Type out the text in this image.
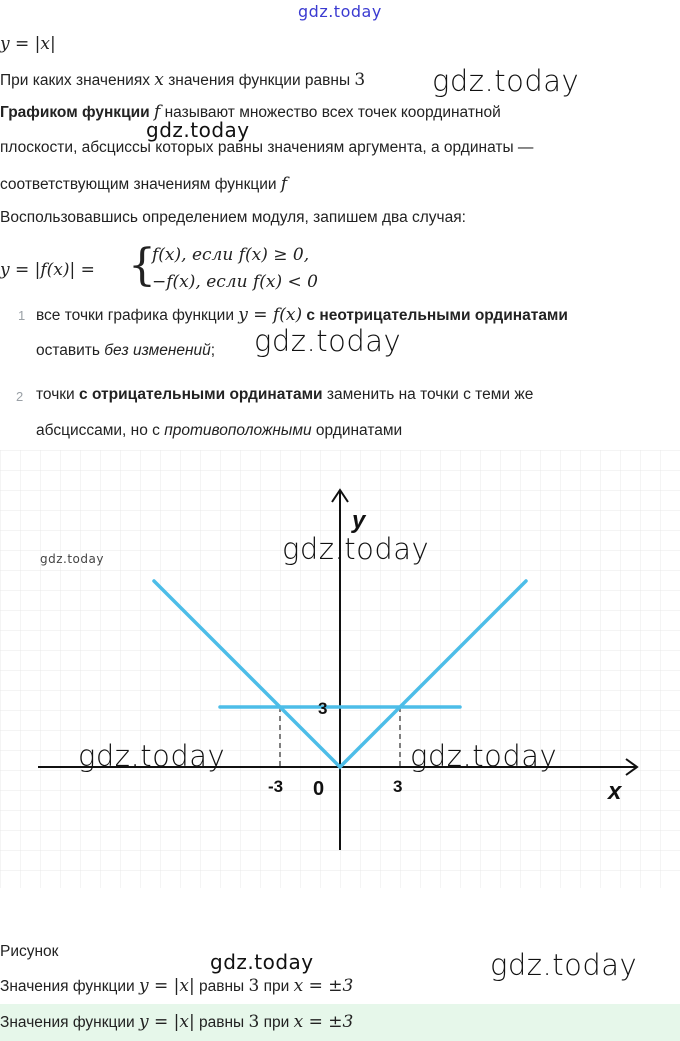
gdz.today
y = |x|
При каких значениях x значения функции равны 3 gdz.today
Графиком функции f называют множество всех точек координатной
gdz.today
плоскости, абсциссы которых равны значениям аргумента, а ординаты —
соответствующим значениям функции f
Воспользовавшись определением модуля, запишем два случая:
y = |f(x)| = {
f(x), если f(x) ≥ 0,
−f(x), если f(x) < 0
1 все точки графика функции y = f(x) с неотрицательными ординатами
оставить без изменений; gdz.today
2 точки с отрицательными ординатами заменить на точки с теми же
абсциссами, но с противоположными ординатами
y
x
-3 0	3
3
gdz.today	gdz.today
gdz.today	gdz.today
Рисунок	gdz.today	gdz.today
Значения функции y = |x| равны 3 при x = ±3
Значения функции y = |x| равны 3 при x = ±3
